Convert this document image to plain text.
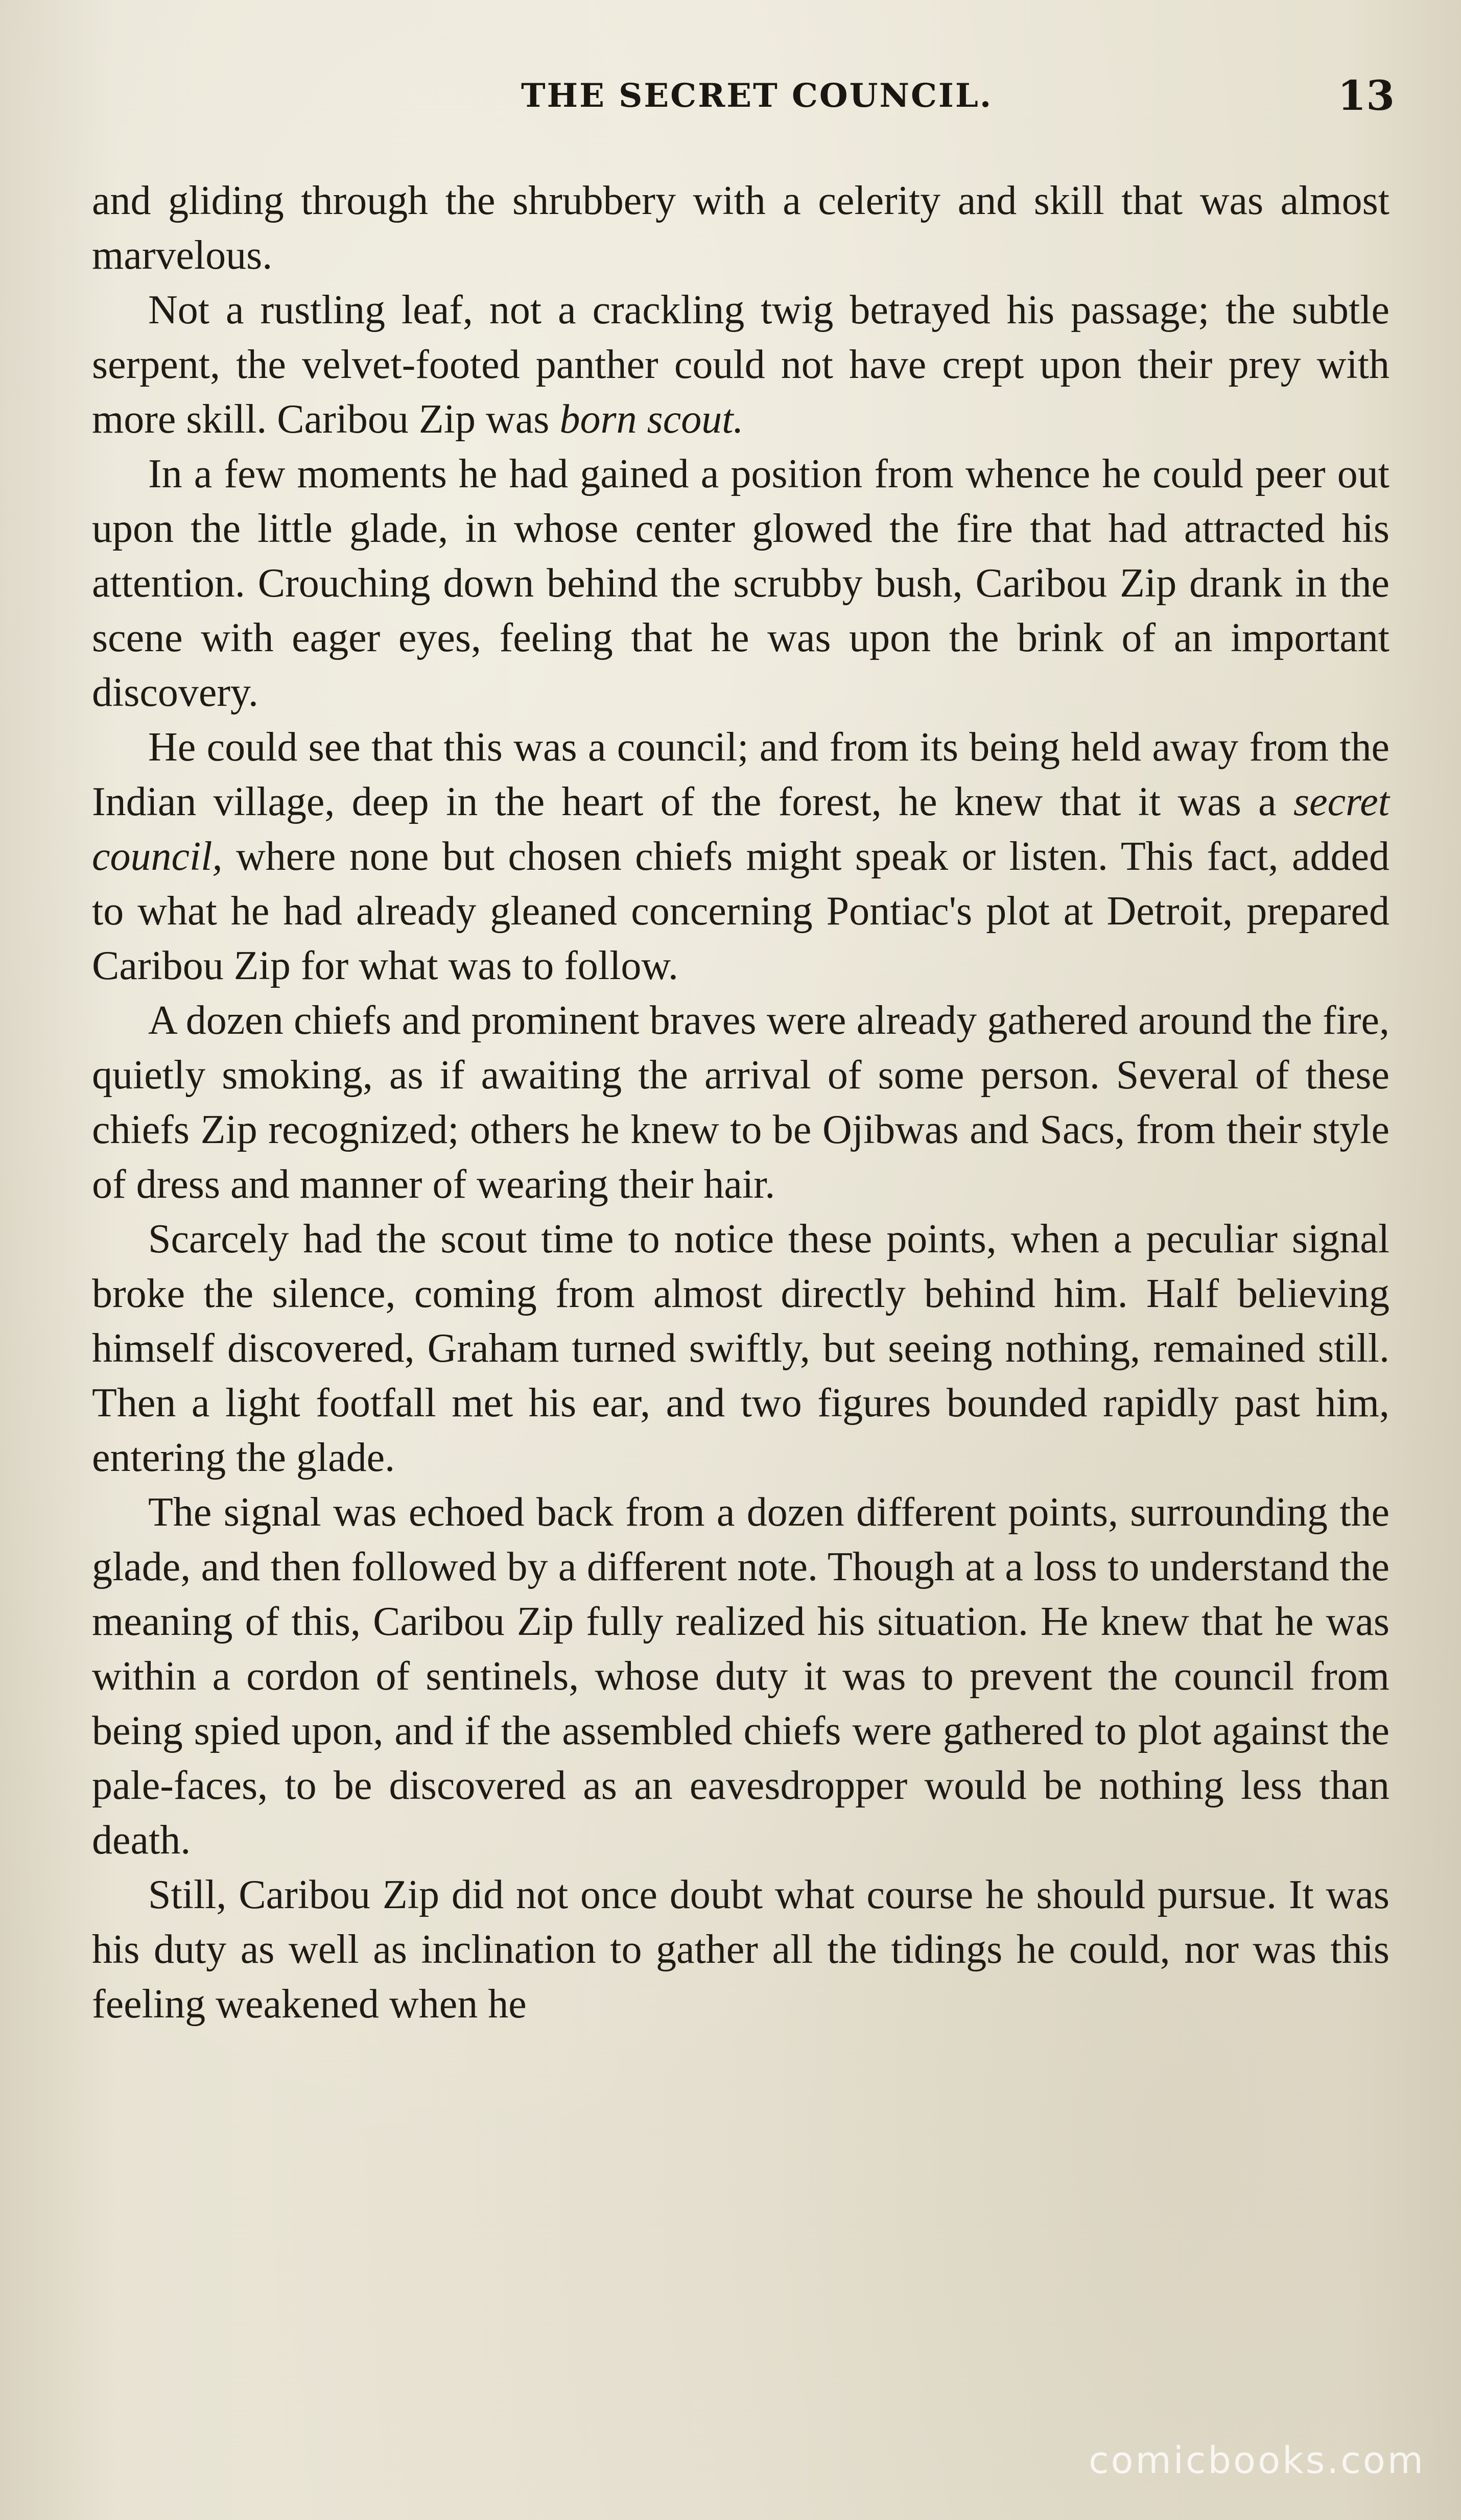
THE SECRET COUNCIL.	13

and gliding through the shrubbery with a celerity and skill that was almost marvelous.

Not a rustling leaf, not a crackling twig betrayed his passage; the subtle serpent, the velvet-footed panther could not have crept upon their prey with more skill. Caribou Zip was born scout.

In a few moments he had gained a position from whence he could peer out upon the little glade, in whose center glowed the fire that had attracted his attention. Crouching down behind the scrubby bush, Caribou Zip drank in the scene with eager eyes, feeling that he was upon the brink of an important discovery.

He could see that this was a council; and from its being held away from the Indian village, deep in the heart of the forest, he knew that it was a secret council, where none but chosen chiefs might speak or listen. This fact, added to what he had already gleaned concerning Pontiac's plot at Detroit, prepared Caribou Zip for what was to follow.

A dozen chiefs and prominent braves were already gathered around the fire, quietly smoking, as if awaiting the arrival of some person. Several of these chiefs Zip recognized; others he knew to be Ojibwas and Sacs, from their style of dress and manner of wearing their hair.

Scarcely had the scout time to notice these points, when a peculiar signal broke the silence, coming from almost directly behind him. Half believing himself discovered, Graham turned swiftly, but seeing nothing, remained still. Then a light footfall met his ear, and two figures bounded rapidly past him, entering the glade.

The signal was echoed back from a dozen different points, surrounding the glade, and then followed by a different note. Though at a loss to understand the meaning of this, Caribou Zip fully realized his situation. He knew that he was within a cordon of sentinels, whose duty it was to prevent the council from being spied upon, and if the assembled chiefs were gathered to plot against the pale-faces, to be discovered as an eavesdropper would be nothing less than death.

Still, Caribou Zip did not once doubt what course he should pursue. It was his duty as well as inclination to gather all the tidings he could, nor was this feeling weakened when he

comicbooks.com
